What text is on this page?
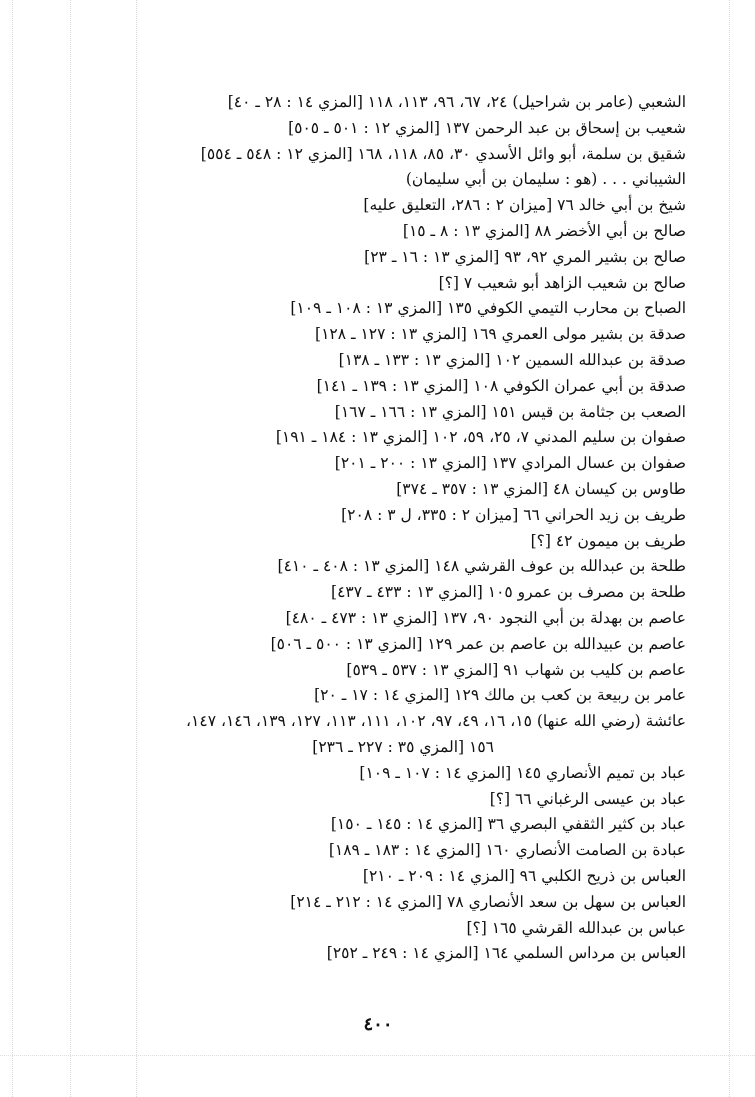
الشعبي (عامر بن شراحيل) ٢٤، ٦٧، ٩٦، ١١٣، ١١٨ [المزي ١٤ : ٢٨ ـ ٤٠]
شعيب بن إسحاق بن عبد الرحمن ١٣٧ [المزي ١٢ : ٥٠١ ـ ٥٠٥]
شقيق بن سلمة، أبو وائل الأسدي ٣٠، ٨٥، ١١٨، ١٦٨ [المزي ١٢ : ٥٤٨ ـ ٥٥٤]
الشيباني . . . (هو : سليمان بن أبي سليمان)
شيخ بن أبي خالد ٧٦ [ميزان ٢ : ٢٨٦، التعليق عليه]
صالح بن أبي الأخضر ٨٨ [المزي ١٣ : ٨ ـ ١٥]
صالح بن بشير المري ٩٢، ٩٣ [المزي ١٣ : ١٦ ـ ٢٣]
صالح بن شعيب الزاهد أبو شعيب ٧ [؟]
الصباح بن محارب التيمي الكوفي ١٣٥ [المزي ١٣ : ١٠٨ ـ ١٠٩]
صدقة بن بشير مولى العمري ١٦٩ [المزي ١٣ : ١٢٧ ـ ١٢٨]
صدقة بن عبدالله السمين ١٠٢ [المزي ١٣ : ١٣٣ ـ ١٣٨]
صدقة بن أبي عمران الكوفي ١٠٨ [المزي ١٣ : ١٣٩ ـ ١٤١]
الصعب بن جثامة بن قيس ١٥١ [المزي ١٣ : ١٦٦ ـ ١٦٧]
صفوان بن سليم المدني ٧، ٢٥، ٥٩، ١٠٢ [المزي ١٣ : ١٨٤ ـ ١٩١]
صفوان بن عسال المرادي ١٣٧ [المزي ١٣ : ٢٠٠ ـ ٢٠١]
طاوس بن كيسان ٤٨ [المزي ١٣ : ٣٥٧ ـ ٣٧٤]
طريف بن زيد الحراني ٦٦ [ميزان ٢ : ٣٣٥، ل ٣ : ٢٠٨]
طريف بن ميمون ٤٢ [؟]
طلحة بن عبدالله بن عوف القرشي ١٤٨ [المزي ١٣ : ٤٠٨ ـ ٤١٠]
طلحة بن مصرف بن عمرو ١٠٥ [المزي ١٣ : ٤٣٣ ـ ٤٣٧]
عاصم بن بهدلة بن أبي النجود ٩٠، ١٣٧ [المزي ١٣ : ٤٧٣ ـ ٤٨٠]
عاصم بن عبيدالله بن عاصم بن عمر ١٢٩ [المزي ١٣ : ٥٠٠ ـ ٥٠٦]
عاصم بن كليب بن شهاب ٩١ [المزي ١٣ : ٥٣٧ ـ ٥٣٩]
عامر بن ربيعة بن كعب بن مالك ١٢٩ [المزي ١٤ : ١٧ ـ ٢٠]
عائشة (رضي الله عنها) ١٥، ١٦، ٤٩، ٩٧، ١٠٢، ١١١، ١١٣، ١٢٧، ١٣٩، ١٤٦، ١٤٧،
١٥٦ [المزي ٣٥ : ٢٢٧ ـ ٢٣٦]
عباد بن تميم الأنصاري ١٤٥ [المزي ١٤ : ١٠٧ ـ ١٠٩]
عباد بن عيسى الرغباني ٦٦ [؟]
عباد بن كثير الثقفي البصري ٣٦ [المزي ١٤ : ١٤٥ ـ ١٥٠]
عبادة بن الصامت الأنصاري ١٦٠ [المزي ١٤ : ١٨٣ ـ ١٨٩]
العباس بن ذريح الكلبي ٩٦ [المزي ١٤ : ٢٠٩ ـ ٢١٠]
العباس بن سهل بن سعد الأنصاري ٧٨ [المزي ١٤ : ٢١٢ ـ ٢١٤]
عباس بن عبدالله القرشي ١٦٥ [؟]
العباس بن مرداس السلمي ١٦٤ [المزي ١٤ : ٢٤٩ ـ ٢٥٢]
٤٠٠
